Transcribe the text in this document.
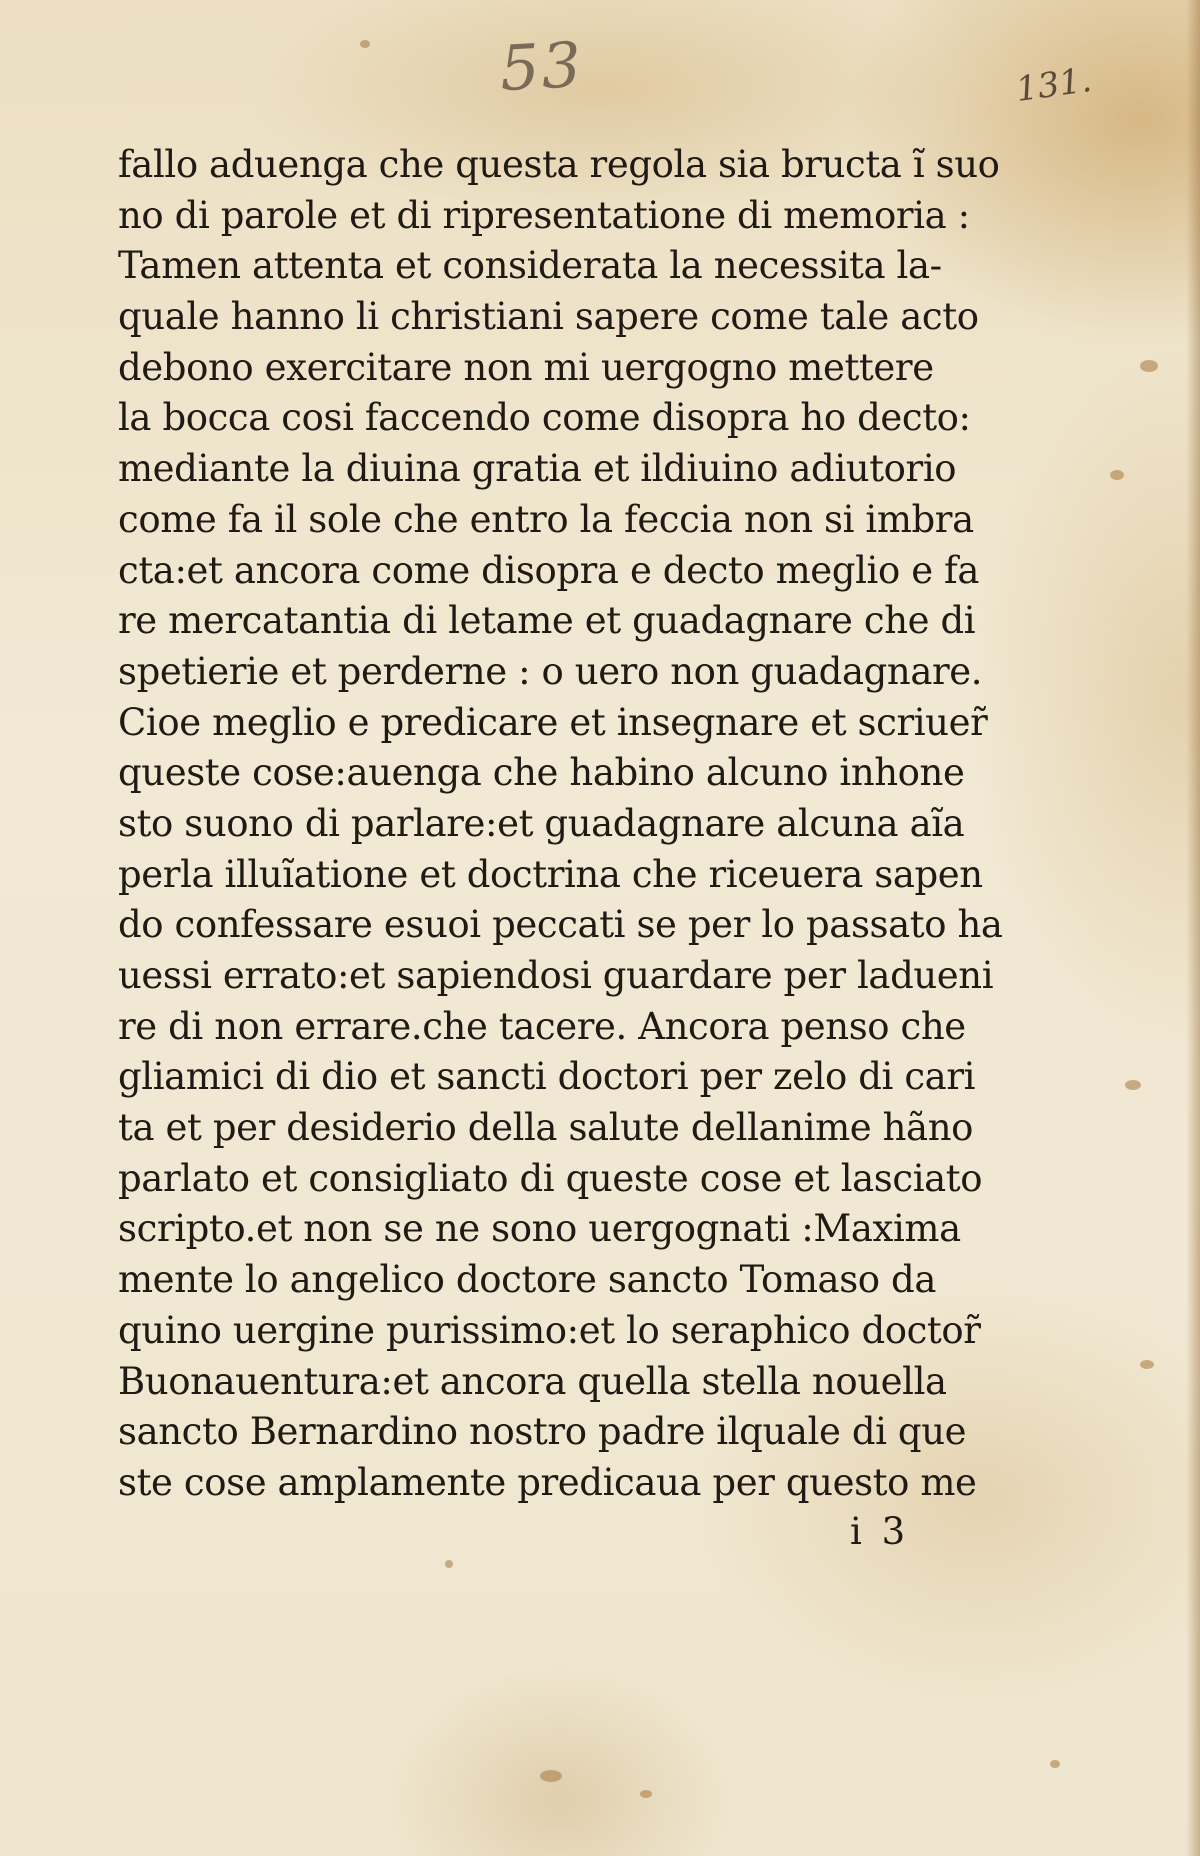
53	131.
fallo aduenga che questa regola sia bructa ĩ suo
no di parole et di ripresentatione di memoria :
Tamen attenta et considerata la necessita la-
quale hanno li christiani sapere come tale acto
debono exercitare non mi uergogno mettere
la bocca cosi faccendo come disopra ho decto:
mediante la diuina gratia et ildiuino adiutorio
come fa il sole che entro la feccia non si imbra
cta:et ancora come disopra e decto meglio e fa
re mercatantia di letame et guadagnare che di
spetierie et perderne : o uero non guadagnare.
Cioe meglio e predicare et insegnare et scriuer̃
queste cose:auenga che habino alcuno inhone
sto suono di parlare:et guadagnare alcuna aĩa
perla illuĩatione et doctrina che riceuera sapen
do confessare esuoi peccati se per lo passato ha
uessi errato:et sapiendosi guardare per ladueni
re di non errare.che tacere. Ancora penso che
gliamici di dio et sancti doctori per zelo di cari
ta et per desiderio della salute dellanime hãno
parlato et consigliato di queste cose et lasciato
scripto.et non se ne sono uergognati :Maxima
mente lo angelico doctore sancto Tomaso da
quino uergine purissimo:et lo seraphico doctor̃
Buonauentura:et ancora quella stella nouella
sancto Bernardino nostro padre ilquale di que
ste cose amplamente predicaua per questo me
i 3
